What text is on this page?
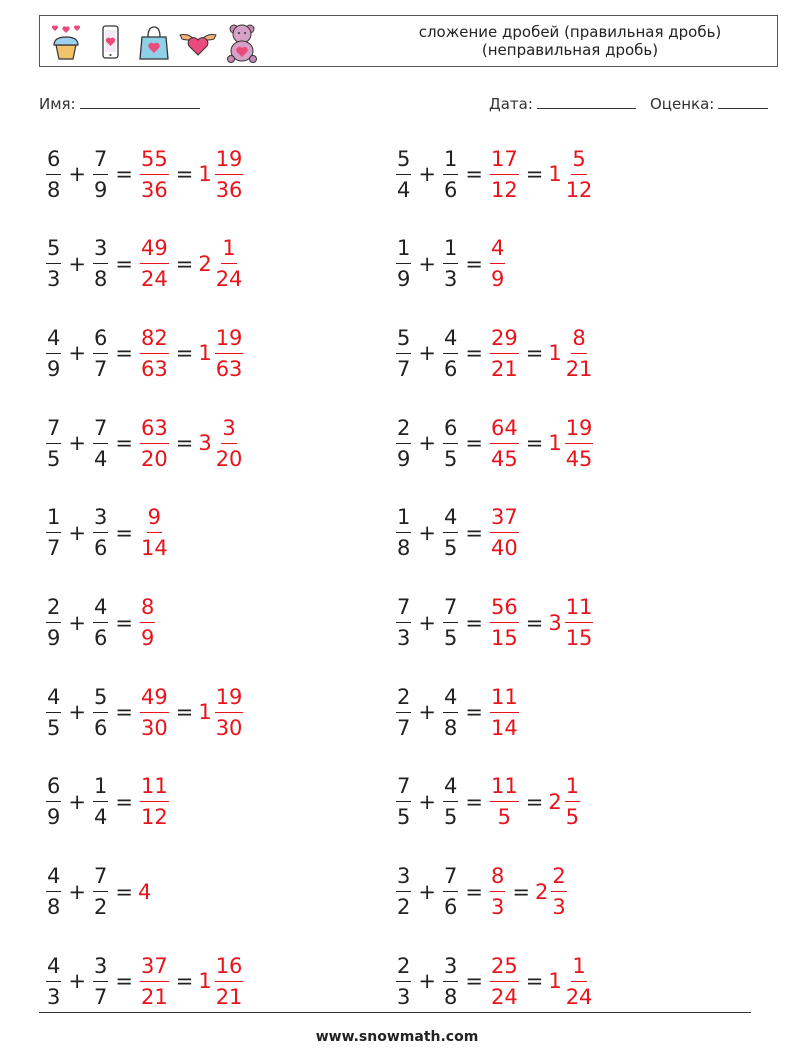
сложение дробей (правильная дробь)
(неправильная дробь)
Имя:	Дата:	Оценка:
$\frac{6}{8} + \frac{7}{9} = \frac{55}{36} = 1 \frac{19}{36}$	$\frac{5}{4} + \frac{1}{6} = \frac{17}{12} = 1 \frac{5}{12}$
$\frac{5}{3} + \frac{3}{8} = \frac{49}{24} = 2 \frac{1}{24}$	$\frac{1}{9} + \frac{1}{3} = \frac{4}{9}$
$\frac{4}{9} + \frac{6}{7} = \frac{82}{63} = 1 \frac{19}{63}$	$\frac{5}{7} + \frac{4}{6} = \frac{29}{21} = 1 \frac{8}{21}$
$\frac{7}{5} + \frac{7}{4} = \frac{63}{20} = 3 \frac{3}{20}$	$\frac{2}{9} + \frac{6}{5} = \frac{64}{45} = 1 \frac{19}{45}$
$\frac{1}{7} + \frac{3}{6} = \frac{9}{14}$	$\frac{1}{8} + \frac{4}{5} = \frac{37}{40}$
$\frac{2}{9} + \frac{4}{6} = \frac{8}{9}$	$\frac{7}{3} + \frac{7}{5} = \frac{56}{15} = 3 \frac{11}{15}$
$\frac{4}{5} + \frac{5}{6} = \frac{49}{30} = 1 \frac{19}{30}$	$\frac{2}{7} + \frac{4}{8} = \frac{11}{14}$
$\frac{6}{9} + \frac{1}{4} = \frac{11}{12}$	$\frac{7}{5} + \frac{4}{5} = \frac{11}{5} = 2 \frac{1}{5}$
$\frac{4}{8} + \frac{7}{2} = 4$	$\frac{3}{2} + \frac{7}{6} = \frac{8}{3} = 2 \frac{2}{3}$
$\frac{4}{3} + \frac{3}{7} = \frac{37}{21} = 1 \frac{16}{21}$	$\frac{2}{3} + \frac{3}{8} = \frac{25}{24} = 1 \frac{1}{24}$
www.snowmath.com
